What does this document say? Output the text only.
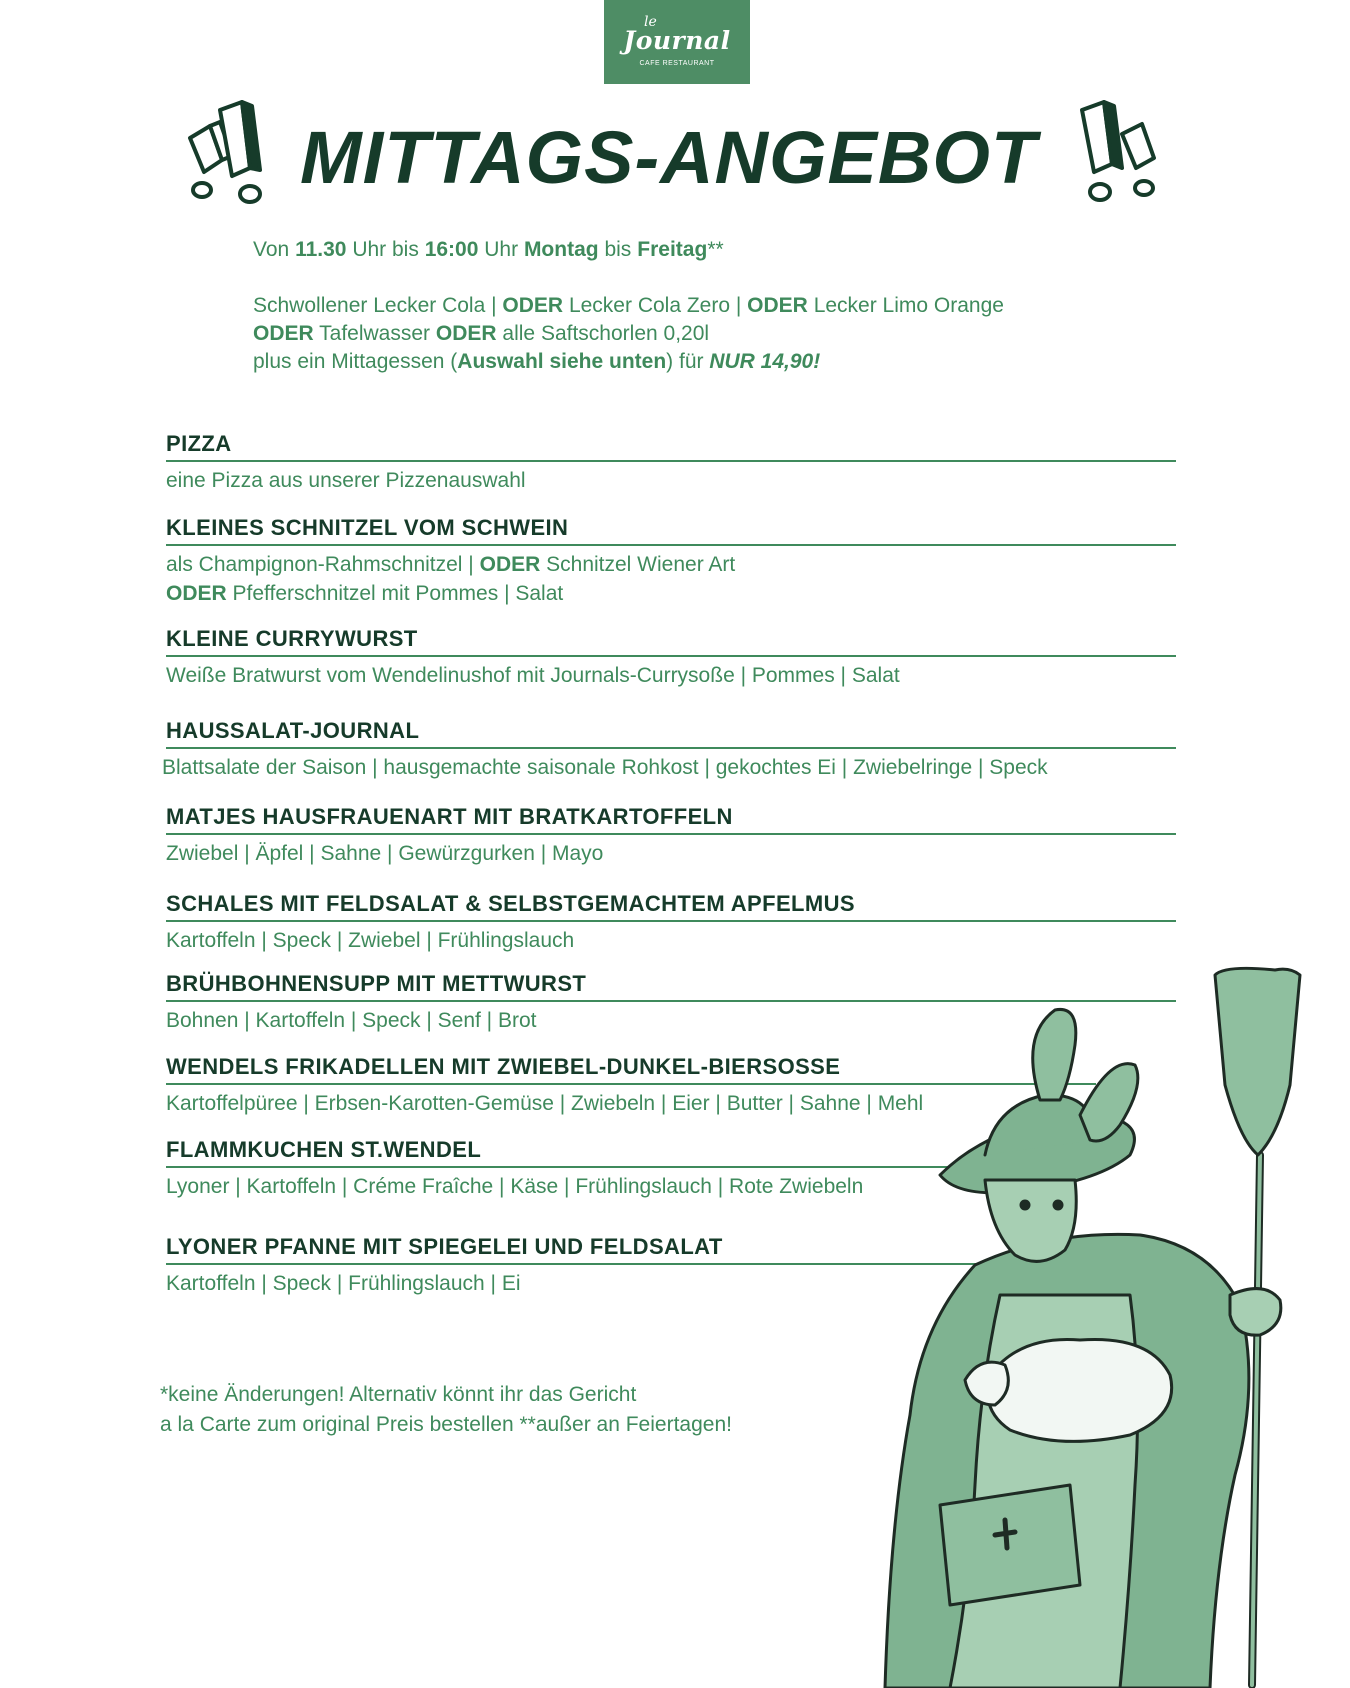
le
Journal
CAFE RESTAURANT
MITTAGS-ANGEBOT
Von 11.30 Uhr bis 16:00 Uhr Montag bis Freitag**
Schwollener Lecker Cola | ODER Lecker Cola Zero | ODER Lecker Limo Orange
ODER Tafelwasser ODER alle Saftschorlen 0,20l
plus ein Mittagessen (Auswahl siehe unten) für NUR 14,90!
PIZZA
eine Pizza aus unserer Pizzenauswahl
KLEINES SCHNITZEL VOM SCHWEIN
als Champignon-Rahmschnitzel | ODER Schnitzel Wiener Art
ODER Pfefferschnitzel mit Pommes | Salat
KLEINE CURRYWURST
Weiße Bratwurst vom Wendelinushof mit Journals-Currysoße | Pommes | Salat
HAUSSALAT-JOURNAL
Blattsalate der Saison | hausgemachte saisonale Rohkost | gekochtes Ei | Zwiebelringe | Speck
MATJES HAUSFRAUENART MIT BRATKARTOFFELN
Zwiebel | Äpfel | Sahne | Gewürzgurken | Mayo
SCHALES MIT FELDSALAT & SELBSTGEMACHTEM APFELMUS
Kartoffeln | Speck | Zwiebel | Frühlingslauch
BRÜHBOHNENSUPP MIT METTWURST
Bohnen | Kartoffeln | Speck | Senf | Brot
WENDELS FRIKADELLEN MIT ZWIEBEL-DUNKEL-BIERSOSSE
Kartoffelpüree | Erbsen-Karotten-Gemüse | Zwiebeln | Eier | Butter | Sahne | Mehl
FLAMMKUCHEN ST.WENDEL
Lyoner | Kartoffeln | Créme Fraîche | Käse | Frühlingslauch | Rote Zwiebeln
LYONER PFANNE MIT SPIEGELEI UND FELDSALAT
Kartoffeln | Speck | Frühlingslauch | Ei
*keine Änderungen! Alternativ könnt ihr das Gericht
a la Carte zum original Preis bestellen **außer an Feiertagen!
